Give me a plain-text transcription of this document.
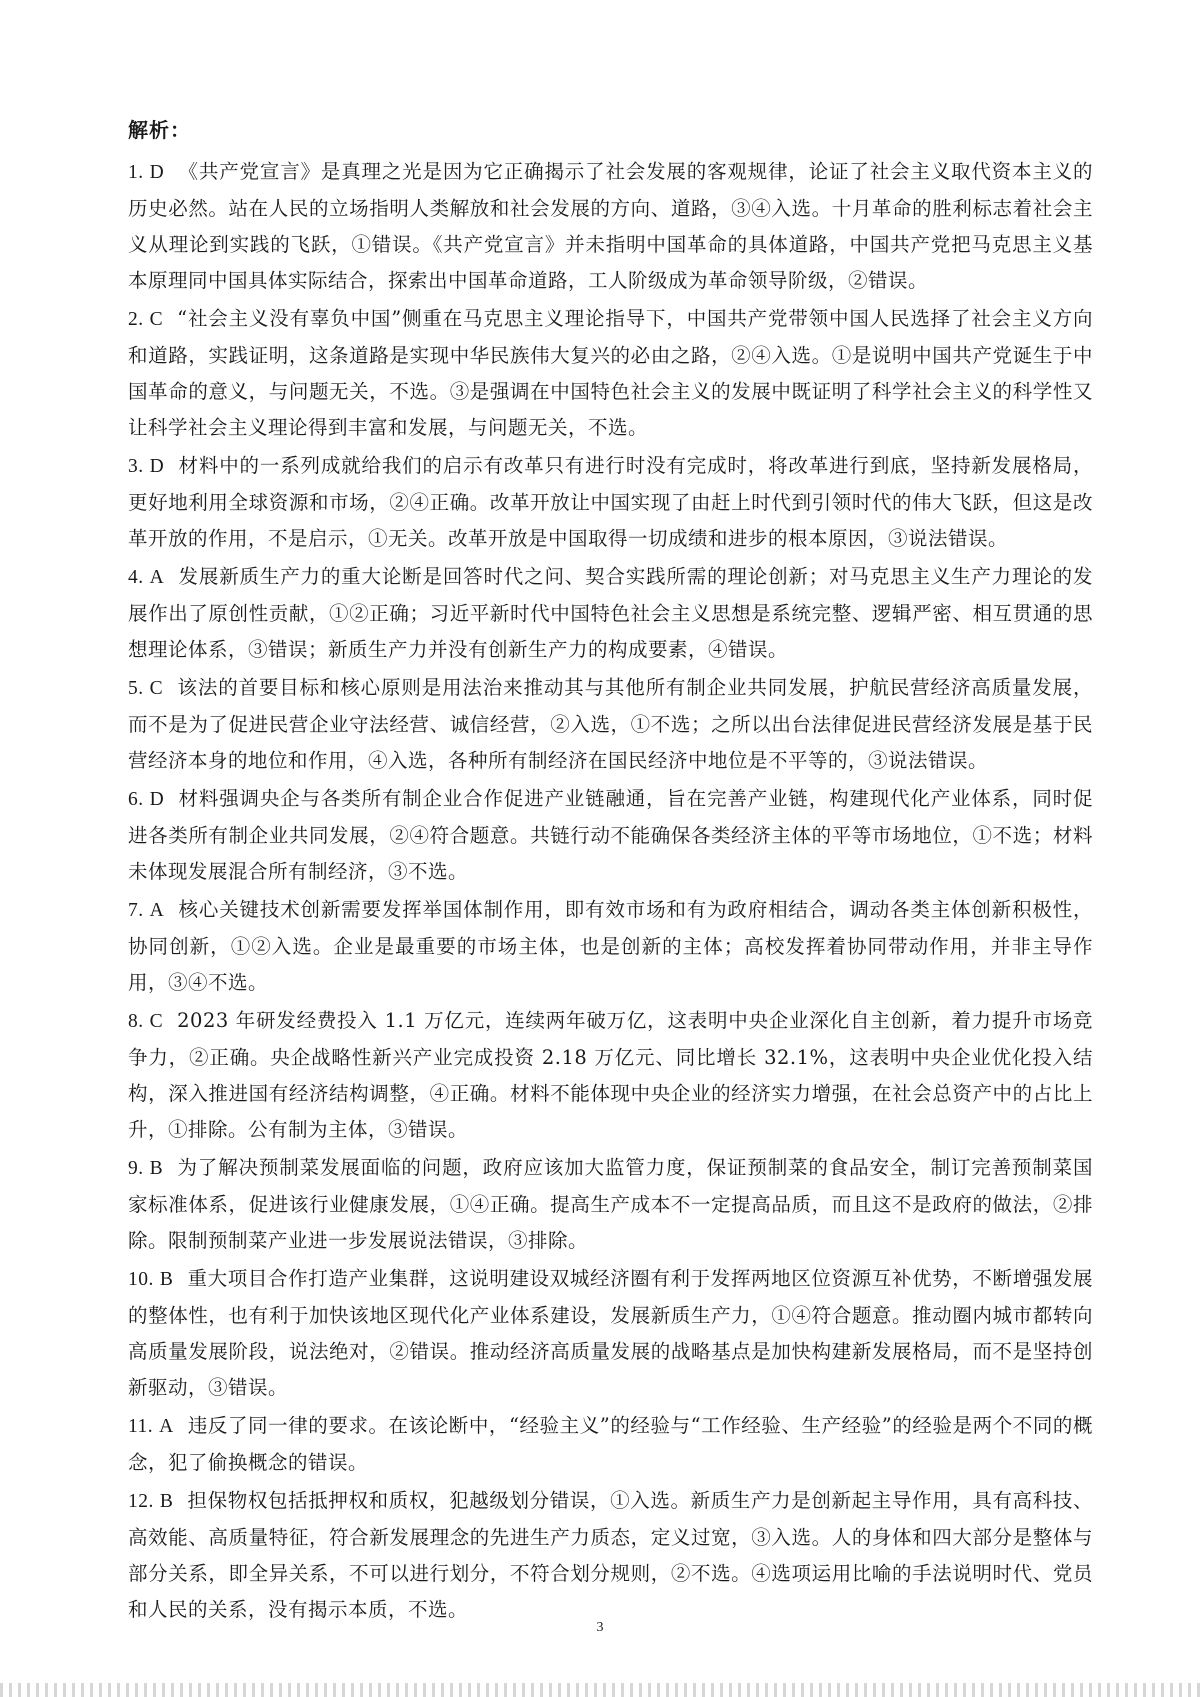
解析：
1. D 《共产党宣言》是真理之光是因为它正确揭示了社会发展的客观规律，论证了社会主义取代资本主义的历史必然。站在人民的立场指明人类解放和社会发展的方向、道路，③④入选。十月革命的胜利标志着社会主义从理论到实践的飞跃，①错误。《共产党宣言》并未指明中国革命的具体道路，中国共产党把马克思主义基本原理同中国具体实际结合，探索出中国革命道路，工人阶级成为革命领导阶级，②错误。
2. C “社会主义没有辜负中国”侧重在马克思主义理论指导下，中国共产党带领中国人民选择了社会主义方向和道路，实践证明，这条道路是实现中华民族伟大复兴的必由之路，②④入选。①是说明中国共产党诞生于中国革命的意义，与问题无关，不选。③是强调在中国特色社会主义的发展中既证明了科学社会主义的科学性又让科学社会主义理论得到丰富和发展，与问题无关，不选。
3. D 材料中的一系列成就给我们的启示有改革只有进行时没有完成时，将改革进行到底，坚持新发展格局，更好地利用全球资源和市场，②④正确。改革开放让中国实现了由赶上时代到引领时代的伟大飞跃，但这是改革开放的作用，不是启示，①无关。改革开放是中国取得一切成绩和进步的根本原因，③说法错误。
4. A 发展新质生产力的重大论断是回答时代之问、契合实践所需的理论创新；对马克思主义生产力理论的发展作出了原创性贡献，①②正确；习近平新时代中国特色社会主义思想是系统完整、逻辑严密、相互贯通的思想理论体系，③错误；新质生产力并没有创新生产力的构成要素，④错误。
5. C 该法的首要目标和核心原则是用法治来推动其与其他所有制企业共同发展，护航民营经济高质量发展，而不是为了促进民营企业守法经营、诚信经营，②入选，①不选；之所以出台法律促进民营经济发展是基于民营经济本身的地位和作用，④入选，各种所有制经济在国民经济中地位是不平等的，③说法错误。
6. D 材料强调央企与各类所有制企业合作促进产业链融通，旨在完善产业链，构建现代化产业体系，同时促进各类所有制企业共同发展，②④符合题意。共链行动不能确保各类经济主体的平等市场地位，①不选；材料未体现发展混合所有制经济，③不选。
7. A 核心关键技术创新需要发挥举国体制作用，即有效市场和有为政府相结合，调动各类主体创新积极性，协同创新，①②入选。企业是最重要的市场主体，也是创新的主体；高校发挥着协同带动作用，并非主导作用，③④不选。
8. C 2023 年研发经费投入 1.1 万亿元，连续两年破万亿，这表明中央企业深化自主创新，着力提升市场竞争力，②正确。央企战略性新兴产业完成投资 2.18 万亿元、同比增长 32.1%，这表明中央企业优化投入结构，深入推进国有经济结构调整，④正确。材料不能体现中央企业的经济实力增强，在社会总资产中的占比上升，①排除。公有制为主体，③错误。
9. B 为了解决预制菜发展面临的问题，政府应该加大监管力度，保证预制菜的食品安全，制订完善预制菜国家标准体系，促进该行业健康发展，①④正确。提高生产成本不一定提高品质，而且这不是政府的做法，②排除。限制预制菜产业进一步发展说法错误，③排除。
10. B 重大项目合作打造产业集群，这说明建设双城经济圈有利于发挥两地区位资源互补优势，不断增强发展的整体性，也有利于加快该地区现代化产业体系建设，发展新质生产力，①④符合题意。推动圈内城市都转向高质量发展阶段，说法绝对，②错误。推动经济高质量发展的战略基点是加快构建新发展格局，而不是坚持创新驱动，③错误。
11. A 违反了同一律的要求。在该论断中，“经验主义”的经验与“工作经验、生产经验”的经验是两个不同的概念，犯了偷换概念的错误。
12. B 担保物权包括抵押权和质权，犯越级划分错误，①入选。新质生产力是创新起主导作用，具有高科技、高效能、高质量特征，符合新发展理念的先进生产力质态，定义过宽，③入选。人的身体和四大部分是整体与部分关系，即全异关系，不可以进行划分，不符合划分规则，②不选。④选项运用比喻的手法说明时代、党员和人民的关系，没有揭示本质，不选。
3
